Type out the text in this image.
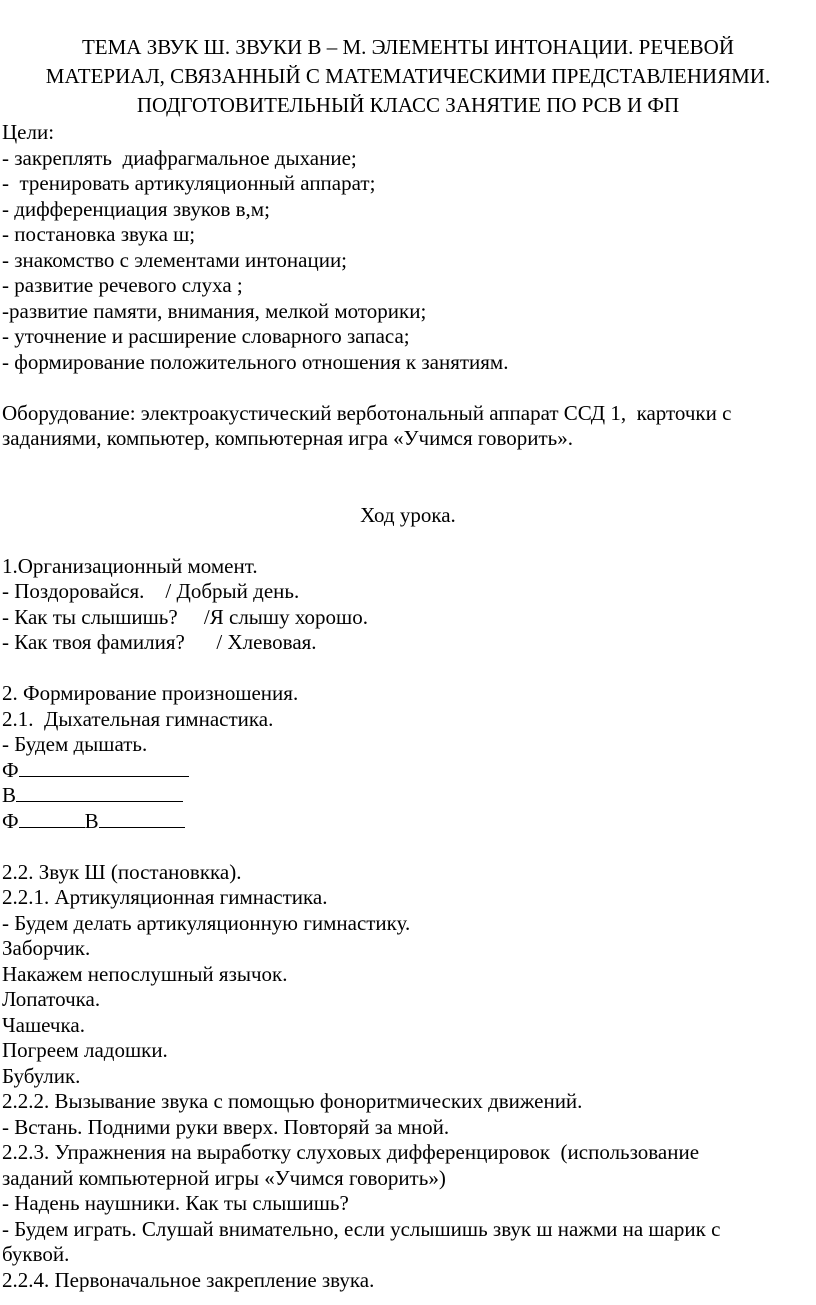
ТЕМА ЗВУК Ш. ЗВУКИ В – М. ЭЛЕМЕНТЫ ИНТОНАЦИИ. РЕЧЕВОЙ
МАТЕРИАЛ, СВЯЗАННЫЙ С МАТЕМАТИЧЕСКИМИ ПРЕДСТАВЛЕНИЯМИ.
ПОДГОТОВИТЕЛЬНЫЙ КЛАСС ЗАНЯТИЕ ПО РСВ И ФП
Цели:
- закреплять  диафрагмальное дыхание;
-  тренировать артикуляционный аппарат;
- дифференциация звуков в,м;
- постановка звука ш;
- знакомство с элементами интонации;
- развитие речевого слуха ;
-развитие памяти, внимания, мелкой моторики;
- уточнение и расширение словарного запаса;
- формирование положительного отношения к занятиям.
Оборудование: электроакустический верботональный аппарат ССД 1,  карточки с
заданиями, компьютер, компьютерная игра «Учимся говорить».
Ход урока.
1.Организационный момент.
- Поздоровайся.    / Добрый день.
- Как ты слышишь?     /Я слышу хорошо.
- Как твоя фамилия?      / Хлевовая.
2. Формирование произношения.
2.1.  Дыхательная гимнастика.
- Будем дышать.
Ф
В
Ф	В
2.2. Звук Ш (постановкка).
2.2.1. Артикуляционная гимнастика.
- Будем делать артикуляционную гимнастику.
Заборчик.
Накажем непослушный язычок.
Лопаточка.
Чашечка.
Погреем ладошки.
Бубулик.
2.2.2. Вызывание звука с помощью фоноритмических движений.
- Встань. Подними руки вверх. Повторяй за мной.
2.2.3. Упражнения на выработку слуховых дифференцировок  (использование
заданий компьютерной игры «Учимся говорить»)
- Надень наушники. Как ты слышишь?
- Будем играть. Слушай внимательно, если услышишь звук ш нажми на шарик с
буквой.
2.2.4. Первоначальное закрепление звука.
